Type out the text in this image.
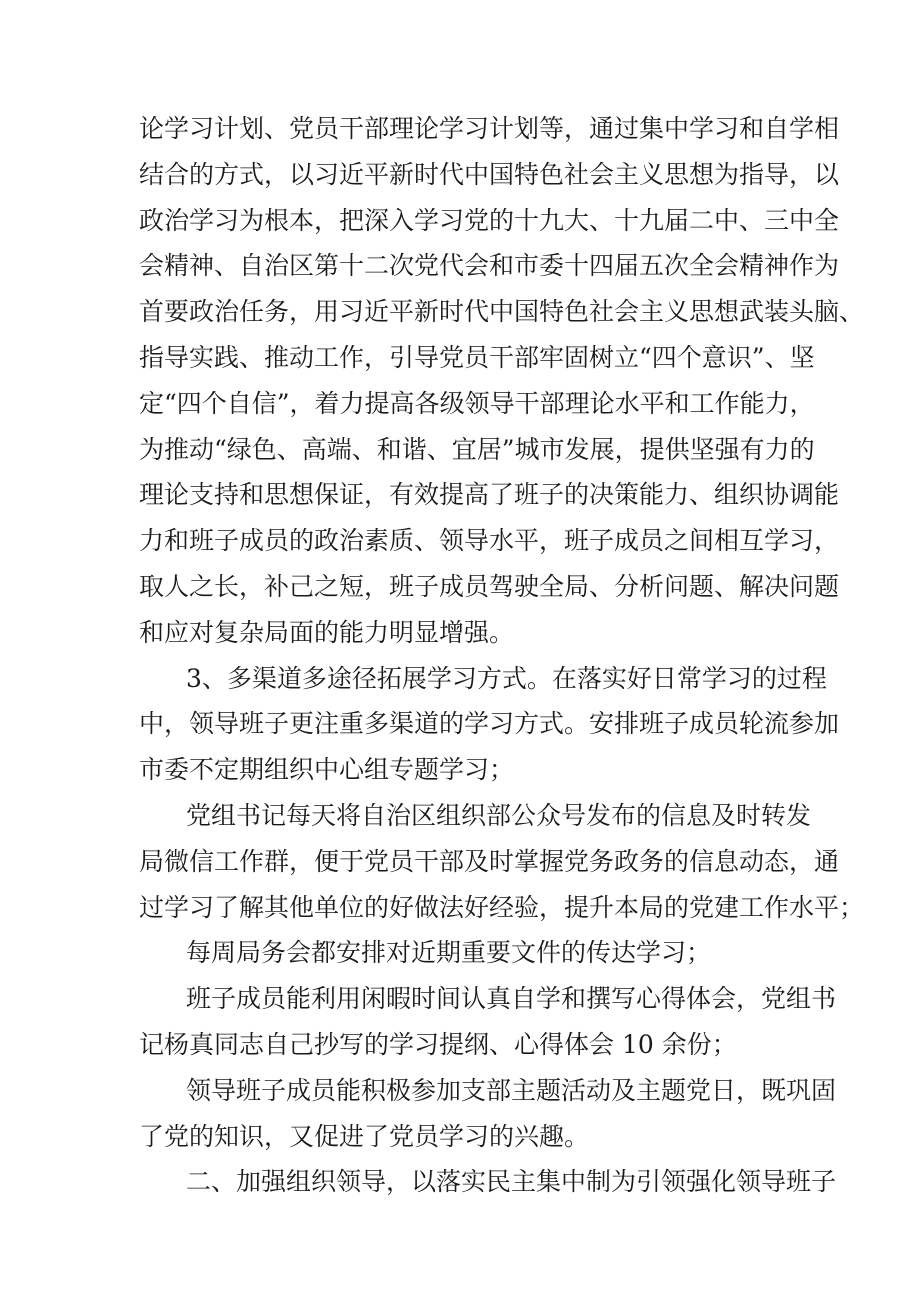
论学习计划、党员干部理论学习计划等，通过集中学习和自学相
结合的方式，以习近平新时代中国特色社会主义思想为指导，以
政治学习为根本，把深入学习党的十九大、十九届二中、三中全
会精神、自治区第十二次党代会和市委十四届五次全会精神作为
首要政治任务，用习近平新时代中国特色社会主义思想武装头脑、
指导实践、推动工作，引导党员干部牢固树立“四个意识”、坚
定“四个自信”，着力提高各级领导干部理论水平和工作能力，
为推动“绿色、高端、和谐、宜居”城市发展，提供坚强有力的
理论支持和思想保证，有效提高了班子的决策能力、组织协调能
力和班子成员的政治素质、领导水平，班子成员之间相互学习，
取人之长，补己之短，班子成员驾驶全局、分析问题、解决问题
和应对复杂局面的能力明显增强。
3、多渠道多途径拓展学习方式。在落实好日常学习的过程
中，领导班子更注重多渠道的学习方式。安排班子成员轮流参加
市委不定期组织中心组专题学习；
党组书记每天将自治区组织部公众号发布的信息及时转发
局微信工作群，便于党员干部及时掌握党务政务的信息动态，通
过学习了解其他单位的好做法好经验，提升本局的党建工作水平；
每周局务会都安排对近期重要文件的传达学习；
班子成员能利用闲暇时间认真自学和撰写心得体会，党组书
记杨真同志自己抄写的学习提纲、心得体会 10 余份；
领导班子成员能积极参加支部主题活动及主题党日，既巩固
了党的知识，又促进了党员学习的兴趣。
二、加强组织领导，以落实民主集中制为引领强化领导班子
